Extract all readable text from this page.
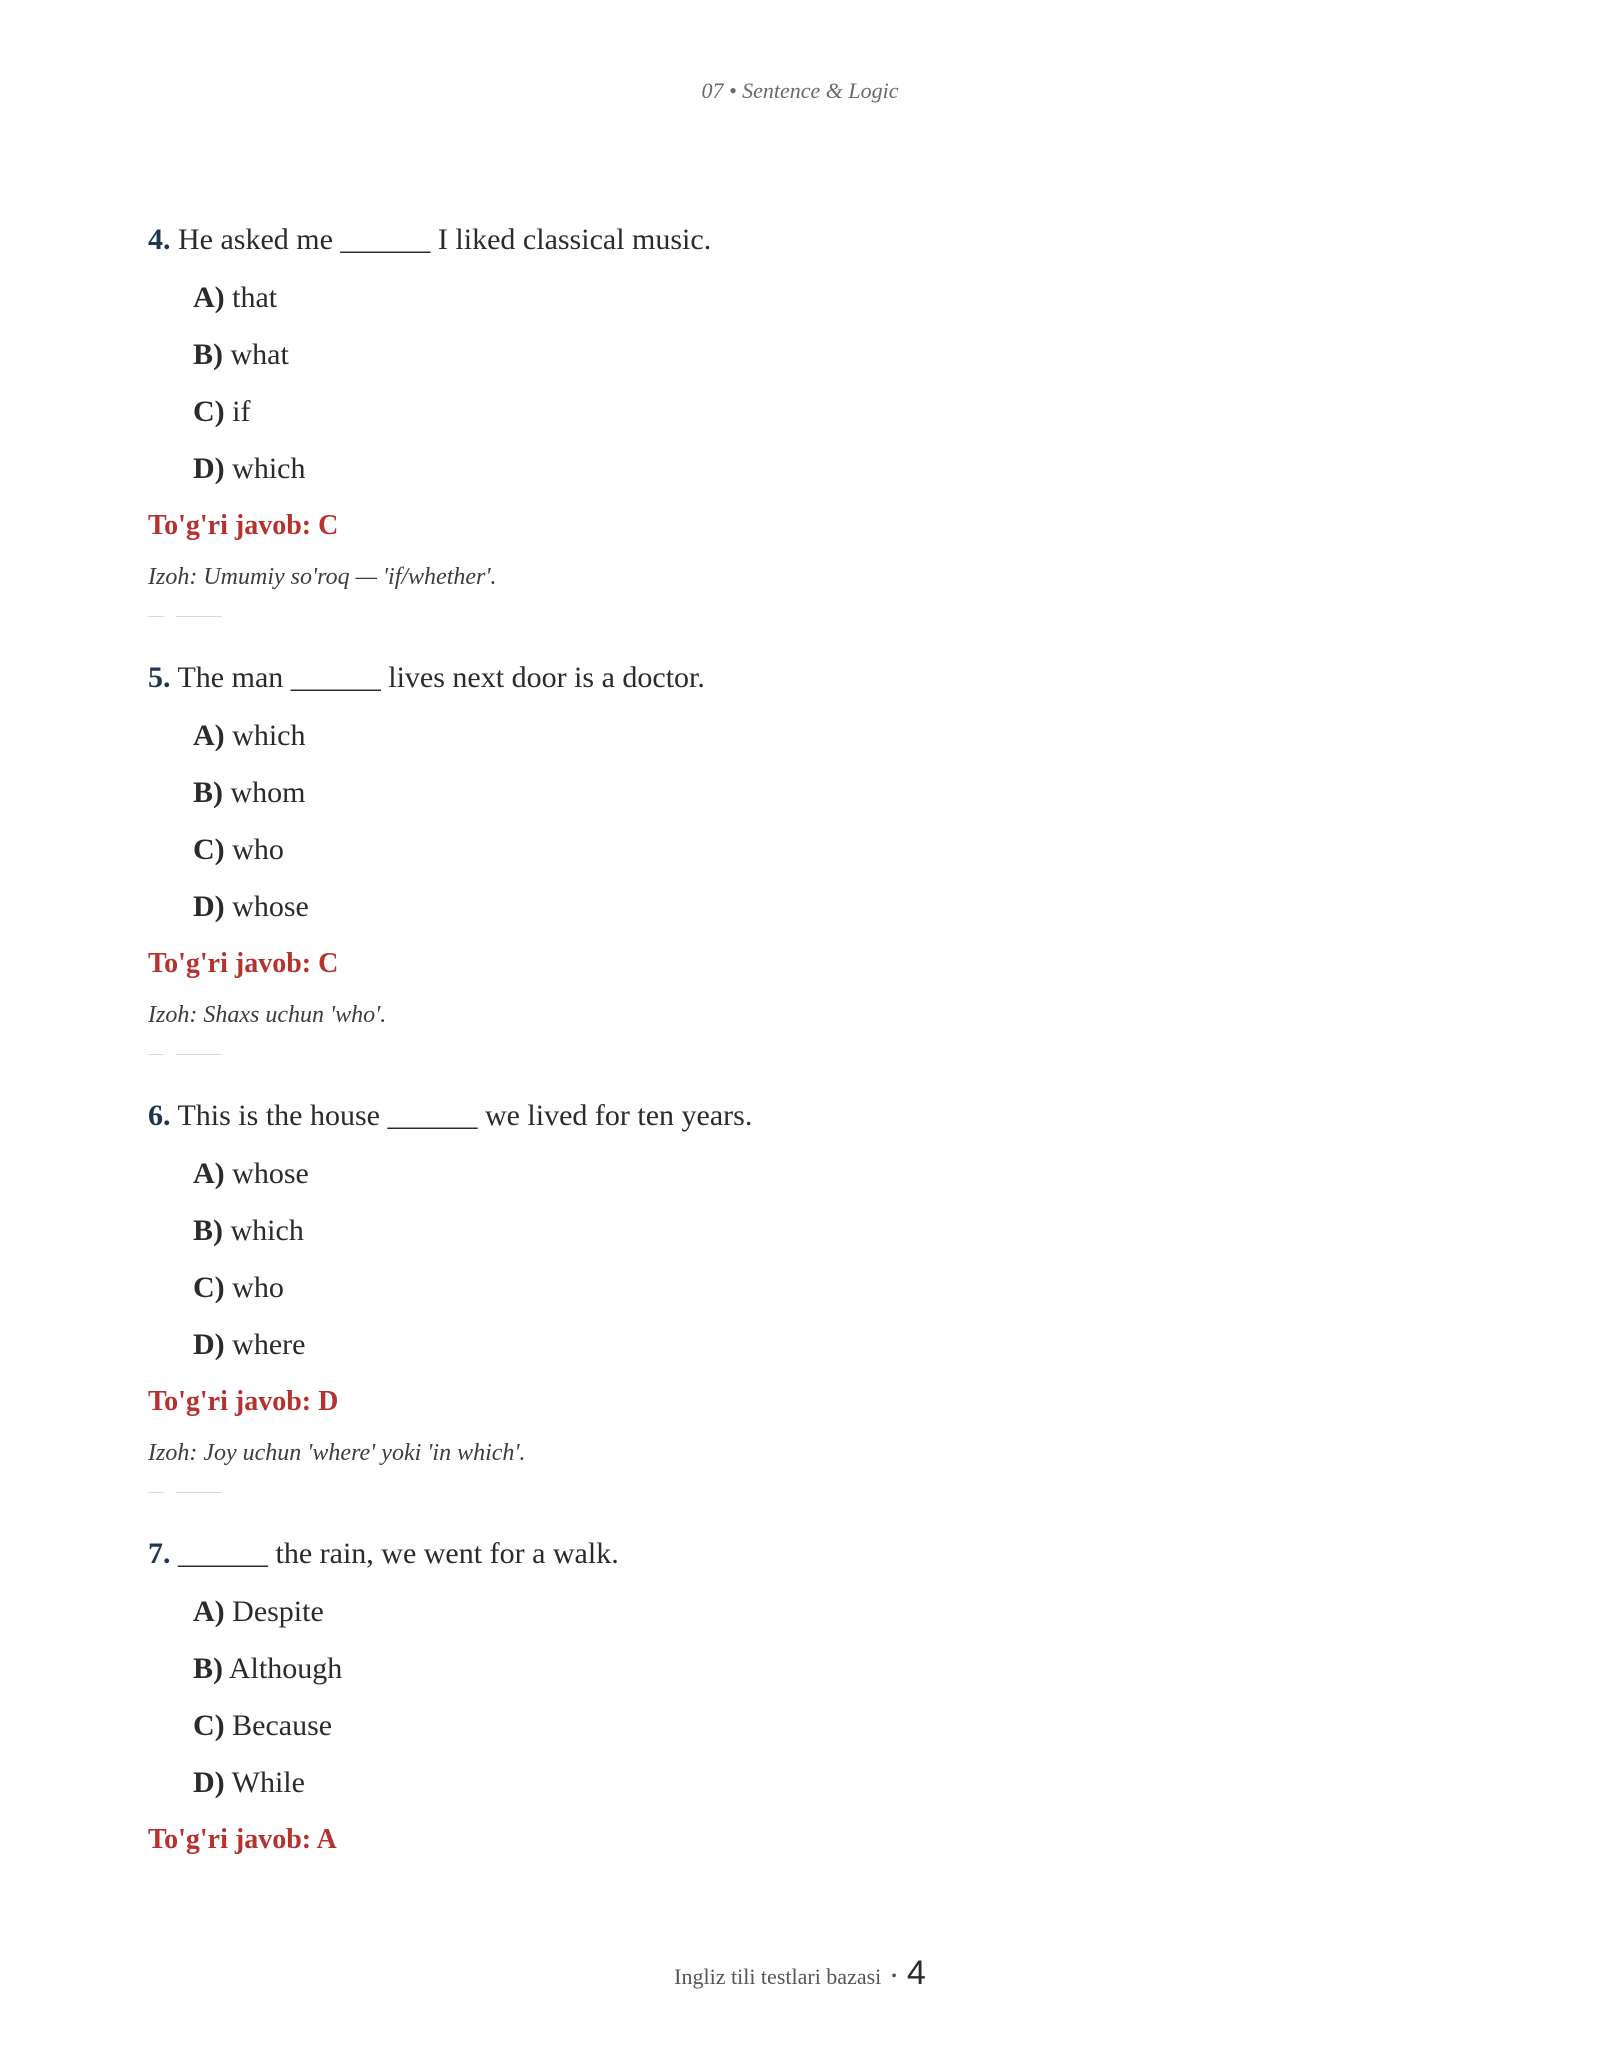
07 • Sentence & Logic

4. He asked me ______ I liked classical music.

A) that
B) what
C) if
D) which
To'g'ri javob: C
Izoh: Umumiy so'roq — 'if/whether'.

5. The man ______ lives next door is a doctor.

A) which
B) whom
C) who
D) whose
To'g'ri javob: C
Izoh: Shaxs uchun 'who'.

6. This is the house ______ we lived for ten years.

A) whose
B) which
C) who
D) where
To'g'ri javob: D
Izoh: Joy uchun 'where' yoki 'in which'.

7. ______ the rain, we went for a walk.

A) Despite
B) Although
C) Because
D) While
To'g'ri javob: A
Ingliz tili testlari bazasi • 4
